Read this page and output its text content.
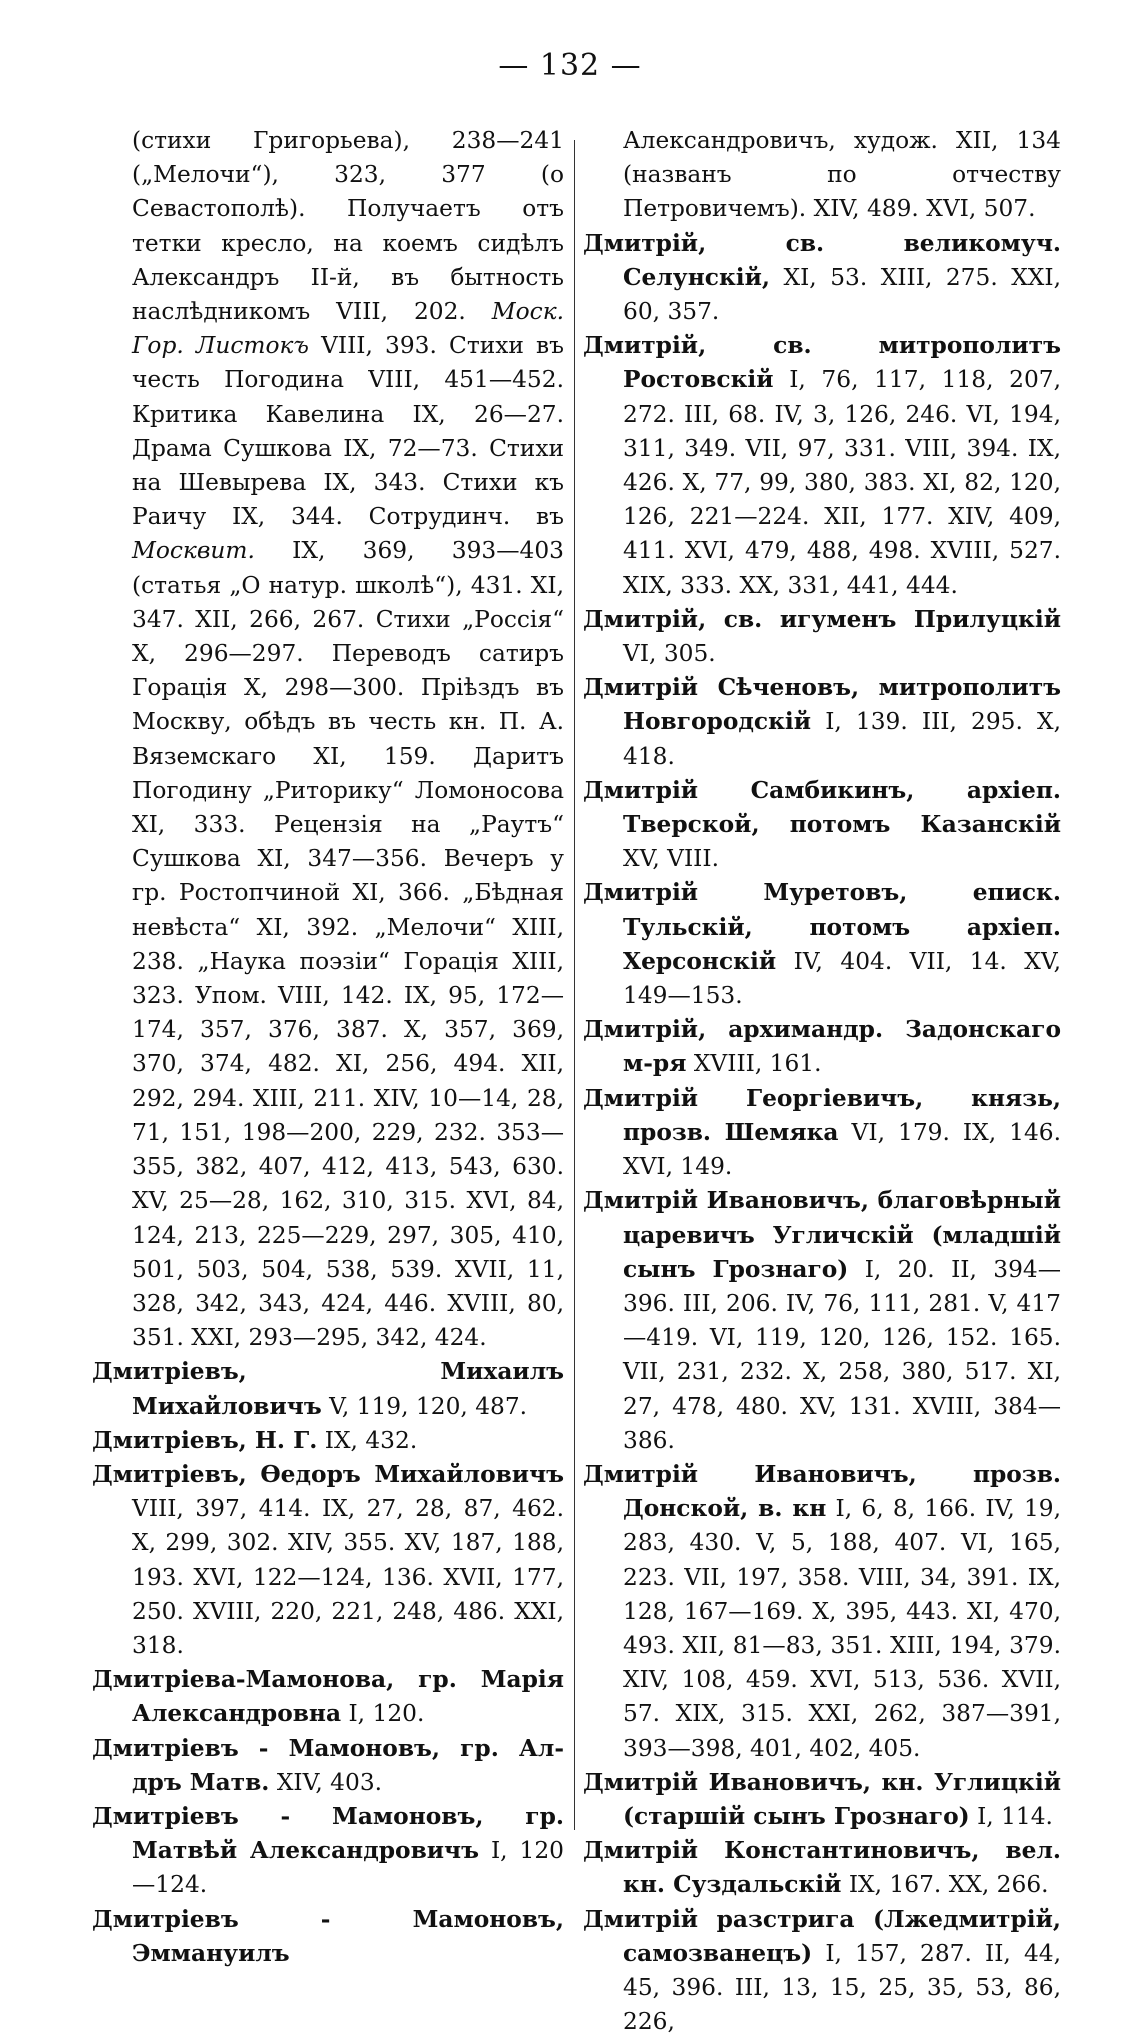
— 132 —

(стихи Григорьева), 238—241 („Мелочи“), 323, 377 (о Севастополѣ). Получаетъ отъ тетки кресло, на коемъ сидѣлъ Александръ II-й, въ бытность наслѣдникомъ VIII, 202. Моск. Гор. Листокъ VIII, 393. Стихи въ честь Погодина VIII, 451—452. Критика Кавелина IX, 26—27. Драма Сушкова IX, 72—73. Стихи на Шевырева IX, 343. Стихи къ Раичу IX, 344. Сотрудинч. въ Москвит. IX, 369, 393—403 (статья „О натур. школѣ“), 431. XI, 347. XII, 266, 267. Стихи „Россія“ X, 296—297. Переводъ сатиръ Горація X, 298—300. Пріѣздъ въ Москву, обѣдъ въ честь кн. П. А. Вяземскаго XI, 159. Даритъ Погодину „Риторику“ Ломоносова XI, 333. Рецензія на „Раутъ“ Сушкова XI, 347—356. Вечеръ у гр. Ростопчиной XI, 366. „Бѣдная невѣста“ XI, 392. „Мелочи“ XIII, 238. „Наука поэзіи“ Горація XIII, 323. Упом. VIII, 142. IX, 95, 172—174, 357, 376, 387. X, 357, 369, 370, 374, 482. XI, 256, 494. XII, 292, 294. XIII, 211. XIV, 10—14, 28, 71, 151, 198—200, 229, 232. 353—355, 382, 407, 412, 413, 543, 630. XV, 25—28, 162, 310, 315. XVI, 84, 124, 213, 225—229, 297, 305, 410, 501, 503, 504, 538, 539. XVII, 11, 328, 342, 343, 424, 446. XVIII, 80, 351. XXI, 293—295, 342, 424.

Дмитріевъ, Михаилъ Михайловичъ V, 119, 120, 487.

Дмитріевъ, Н. Г. IX, 432.

Дмитріевъ, Ѳедоръ Михайловичъ VIII, 397, 414. IX, 27, 28, 87, 462. X, 299, 302. XIV, 355. XV, 187, 188, 193. XVI, 122—124, 136. XVII, 177, 250. XVIII, 220, 221, 248, 486. XXI, 318.

Дмитріева-Мамонова, гр. Марія Александровна I, 120.

Дмитріевъ - Мамоновъ, гр. Ал-дръ Матв. XIV, 403.

Дмитріевъ - Мамоновъ, гр. Матвѣй Александровичъ I, 120—124.

Дмитріевъ - Мамоновъ, Эммануилъ

Александровичъ, худож. XII, 134 (названъ по отчеству Петровичемъ). XIV, 489. XVI, 507.

Дмитрій, св. великомуч. Селунскій, XI, 53. XIII, 275. XXI, 60, 357.

Дмитрій, св. митрополитъ Ростовскій I, 76, 117, 118, 207, 272. III, 68. IV, 3, 126, 246. VI, 194, 311, 349. VII, 97, 331. VIII, 394. IX, 426. X, 77, 99, 380, 383. XI, 82, 120, 126, 221—224. XII, 177. XIV, 409, 411. XVI, 479, 488, 498. XVIII, 527. XIX, 333. XX, 331, 441, 444.

Дмитрій, св. игуменъ Прилуцкій VI, 305.

Дмитрій Сѣченовъ, митрополитъ Новгородскій I, 139. III, 295. X, 418.

Дмитрій Самбикинъ, архіеп. Тверской, потомъ Казанскій XV, VIII.

Дмитрій Муретовъ, еписк. Тульскій, потомъ архіеп. Херсонскій IV, 404. VII, 14. XV, 149—153.

Дмитрій, архимандр. Задонскаго м-ря XVIII, 161.

Дмитрій Георгіевичъ, князь, прозв. Шемяка VI, 179. IX, 146. XVI, 149.

Дмитрій Ивановичъ, благовѣрный царевичъ Угличскій (младшій сынъ Грознаго) I, 20. II, 394—396. III, 206. IV, 76, 111, 281. V, 417—419. VI, 119, 120, 126, 152. 165. VII, 231, 232. X, 258, 380, 517. XI, 27, 478, 480. XV, 131. XVIII, 384—386.

Дмитрій Ивановичъ, прозв. Донской, в. кн I, 6, 8, 166. IV, 19, 283, 430. V, 5, 188, 407. VI, 165, 223. VII, 197, 358. VIII, 34, 391. IX, 128, 167—169. X, 395, 443. XI, 470, 493. XII, 81—83, 351. XIII, 194, 379. XIV, 108, 459. XVI, 513, 536. XVII, 57. XIX, 315. XXI, 262, 387—391, 393—398, 401, 402, 405.

Дмитрій Ивановичъ, кн. Углицкій (старшій сынъ Грознаго) I, 114.

Дмитрій Константиновичъ, вел. кн. Суздальскій IX, 167. XX, 266.

Дмитрій разстрига (Лжедмитрій, самозванецъ) I, 157, 287. II, 44, 45, 396. III, 13, 15, 25, 35, 53, 86, 226,
